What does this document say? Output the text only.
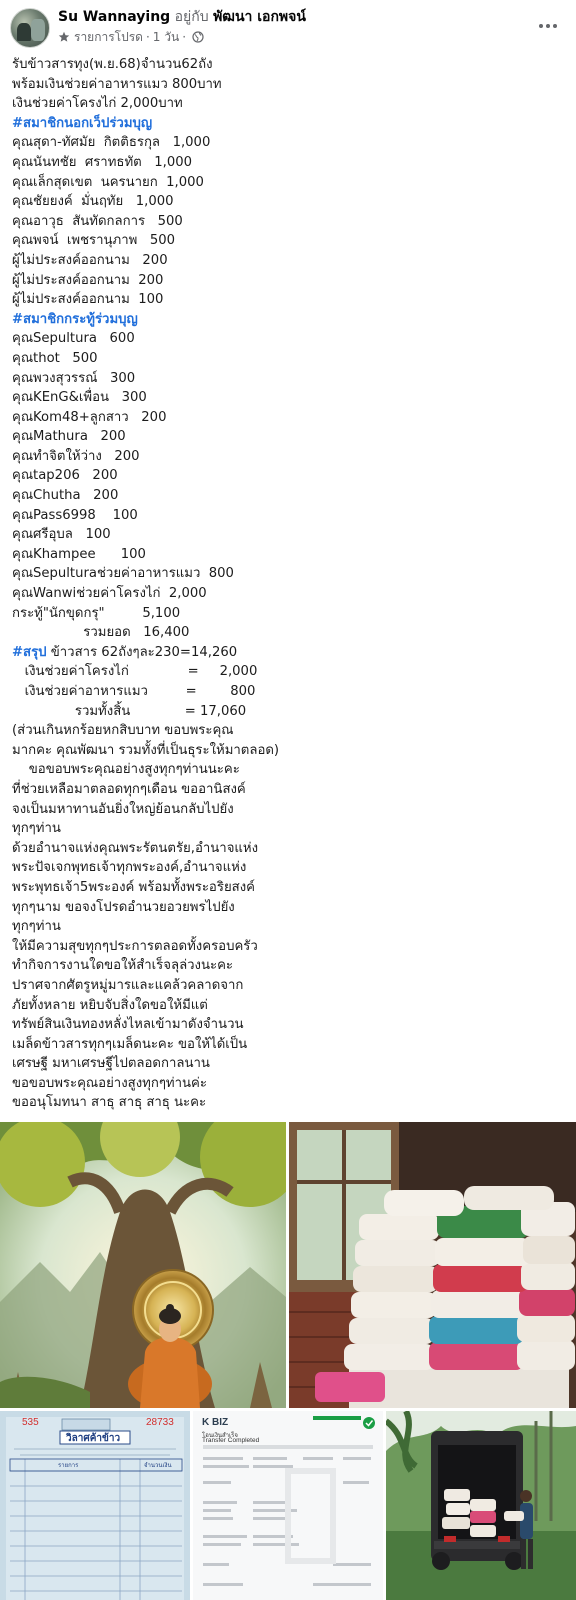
Su Wannaying อยู่กับ พัฒนา เอกพจน์
รายการโปรด · 1 วัน ·
รับข้าวสารทุง(พ.ย.68)จำนวน62ถัง
พร้อมเงินช่วยค่าอาหารแมว 800บาท
เงินช่วยค่าโครงไก่ 2,000บาท
#สมาชิกนอกเว็ปร่วมบุญ
คุณสุดา-ทัศมัย  กิตติธรกุล   1,000
คุณนันทชัย  ศราทธทัต   1,000
คุณเล็กสุดเขต  นครนายก  1,000
คุณชัยยงค์  มั่นฤทัย   1,000
คุณอาวุธ  สันทัดกลการ   500
คุณพจน์  เพชรานุภาพ   500
ผู้ไม่ประสงค์ออกนาม   200
ผู้ไม่ประสงค์ออกนาม  200
ผู้ไม่ประสงค์ออกนาม  100
#สมาชิกกระทู้ร่วมบุญ
คุณSepultura   600
คุณthot   500
คุณพวงสุวรรณ์   300
คุณKEnG&เพื่อน   300
คุณKom48+ลูกสาว   200
คุณMathura   200
คุณทำจิตให้ว่าง   200
คุณtap206   200
คุณChutha   200
คุณPass6998    100
คุณศรีอุบล   100
คุณKhampee      100
คุณSepulturaช่วยค่าอาหารแมว  800
คุณWanwiช่วยค่าโครงไก่  2,000
กระทู้"นักขุดกรุ"         5,100
รวมยอด   16,400
#สรุป ข้าวสาร 62ถังๆละ230=14,260
เงินช่วยค่าโครงไก่              =     2,000
เงินช่วยค่าอาหารแมว         =        800
รวมทั้งสิ้น             = 17,060
(ส่วนเกินหกร้อยหกสิบบาท ขอบพระคุณ
มากคะ คุณพัฒนา รวมทั้งที่เป็นธุระให้มาตลอด)
ขอขอบพระคุณอย่างสูงทุกๆท่านนะคะ
ที่ช่วยเหลือมาตลอดทุกๆเดือน ขออานิสงค์
จงเป็นมหาทานอันยิ่งใหญ่ย้อนกลับไปยัง
ทุกๆท่าน
ด้วยอำนาจแห่งคุณพระรัตนตรัย,อำนาจแห่ง
พระปัจเจกพุทธเจ้าทุกพระองค์,อำนาจแห่ง
พระพุทธเจ้า5พระองค์ พร้อมทั้งพระอริยสงค์
ทุกๆนาม ขอจงโปรดอำนวยอวยพรไปยัง
ทุกๆท่าน
ให้มีความสุขทุกๆประการตลอดทั้งครอบครัว
ทำกิจการงานใดขอให้สำเร็จลุล่วงนะคะ
ปราศจากศัตรูหมู่มารและแคล้วคลาดจาก
ภัยทั้งหลาย หยิบจับสิ่งใดขอให้มีแต่
ทรัพย์สินเงินทองหลั่งไหลเข้ามาดังจำนวน
เมล็ดข้าวสารทุกๆเมล็ดนะคะ ขอให้ได้เป็น
เศรษฐี มหาเศรษฐีไปตลอดกาลนาน
ขอขอบพระคุณอย่างสูงทุกๆท่านค่ะ
ขออนุโมทนา สาธุ สาธุ สาธุ นะคะ
535	28733
วิลาศค้าข้าว
รายการ	จำนวนเงิน
K BIZ
โอนเงินสำเร็จ
Transfer Completed
